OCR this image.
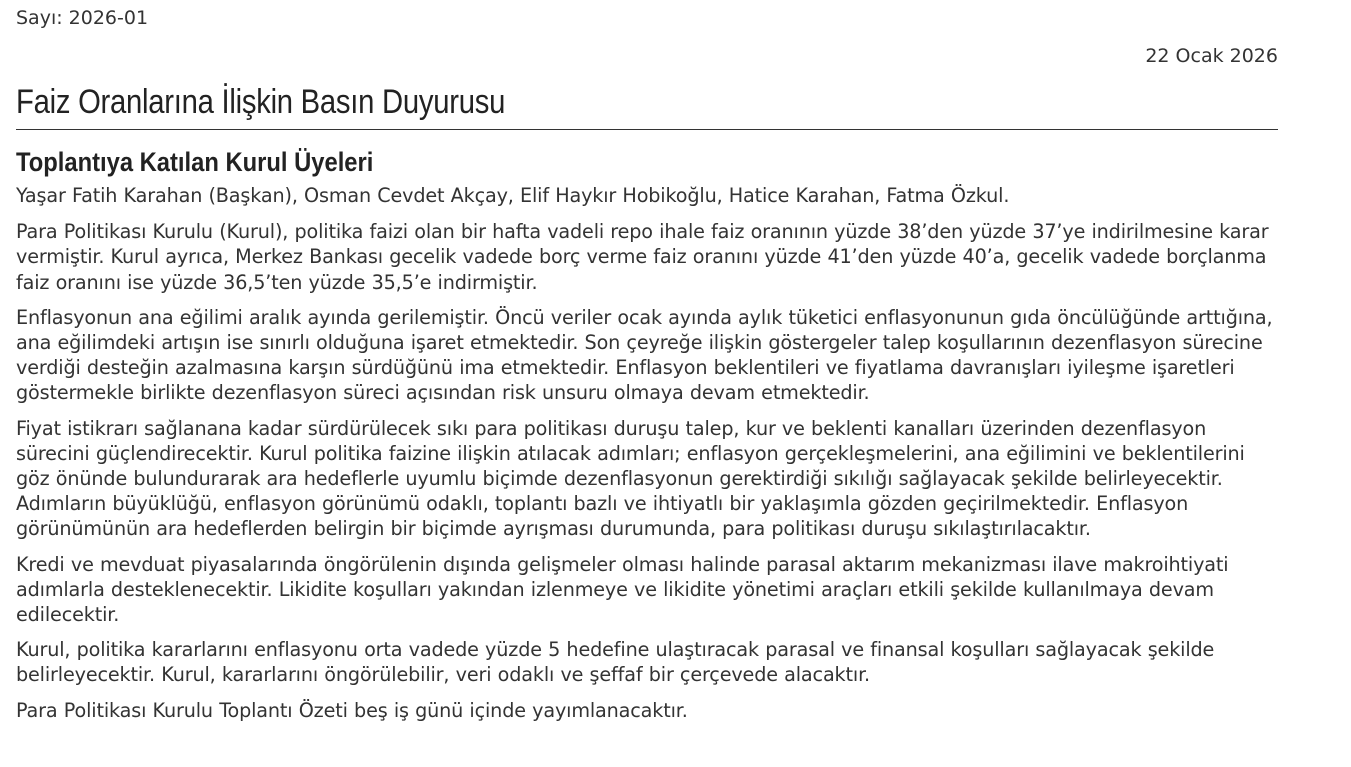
Sayı: 2026-01
22 Ocak 2026
Faiz Oranlarına İlişkin Basın Duyurusu
Toplantıya Katılan Kurul Üyeleri

Yaşar Fatih Karahan (Başkan), Osman Cevdet Akçay, Elif Haykır Hobikoğlu, Hatice Karahan, Fatma Özkul.

Para Politikası Kurulu (Kurul), politika faizi olan bir hafta vadeli repo ihale faiz oranının yüzde 38’den yüzde 37’ye indirilmesine karar vermiştir. Kurul ayrıca, Merkez Bankası gecelik vadede borç verme faiz oranını yüzde 41’den yüzde 40’a, gecelik vadede borçlanma faiz oranını ise yüzde 36,5’ten yüzde 35,5’e indirmiştir.

Enflasyonun ana eğilimi aralık ayında gerilemiştir. Öncü veriler ocak ayında aylık tüketici enflasyonunun gıda öncülüğünde arttığına, ana eğilimdeki artışın ise sınırlı olduğuna işaret etmektedir. Son çeyreğe ilişkin göstergeler talep koşullarının dezenflasyon sürecine verdiği desteğin azalmasına karşın sürdüğünü ima etmektedir. Enflasyon beklentileri ve fiyatlama davranışları iyileşme işaretleri göstermekle birlikte dezenflasyon süreci açısından risk unsuru olmaya devam etmektedir.

Fiyat istikrarı sağlanana kadar sürdürülecek sıkı para politikası duruşu talep, kur ve beklenti kanalları üzerinden dezenflasyon sürecini güçlendirecektir. Kurul politika faizine ilişkin atılacak adımları; enflasyon gerçekleşmelerini, ana eğilimini ve beklentilerini göz önünde bulundurarak ara hedeflerle uyumlu biçimde dezenflasyonun gerektirdiği sıkılığı sağlayacak şekilde belirleyecektir. Adımların büyüklüğü, enflasyon görünümü odaklı, toplantı bazlı ve ihtiyatlı bir yaklaşımla gözden geçirilmektedir. Enflasyon görünümünün ara hedeflerden belirgin bir biçimde ayrışması durumunda, para politikası duruşu sıkılaştırılacaktır.

Kredi ve mevduat piyasalarında öngörülenin dışında gelişmeler olması halinde parasal aktarım mekanizması ilave makroihtiyati adımlarla desteklenecektir. Likidite koşulları yakından izlenmeye ve likidite yönetimi araçları etkili şekilde kullanılmaya devam edilecektir.

Kurul, politika kararlarını enflasyonu orta vadede yüzde 5 hedefine ulaştıracak parasal ve finansal koşulları sağlayacak şekilde belirleyecektir. Kurul, kararlarını öngörülebilir, veri odaklı ve şeffaf bir çerçevede alacaktır.

Para Politikası Kurulu Toplantı Özeti beş iş günü içinde yayımlanacaktır.
